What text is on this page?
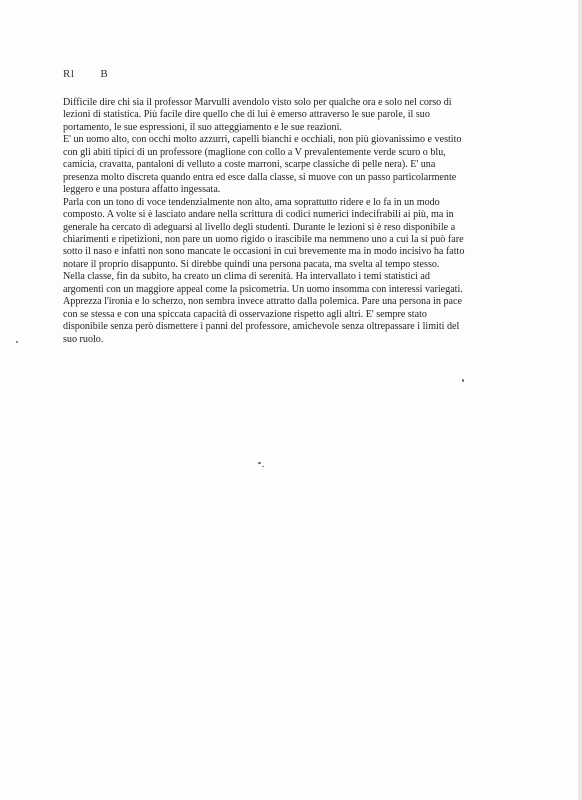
Rl        B
Difficile dire chi sia il professor Marvulli avendolo visto solo per qualche ora e solo nel corso di
lezioni di statistica. Più facile dire quello che di lui è emerso attraverso le sue parole, il suo
portamento, le sue espressioni, il suo atteggiamento e le sue reazioni.
E' un uomo alto, con occhi molto azzurri, capelli bianchi e occhiali, non più giovanissimo e vestito
con gli abiti tipici di un professore (maglione con collo a V prevalentemente verde scuro o blu,
camicia, cravatta, pantaloni di velluto a coste marroni, scarpe classiche di pelle nera). E' una
presenza molto discreta quando entra ed esce dalla classe, si muove con un passo particolarmente
leggero e una postura affatto ingessata.
Parla con un tono di voce tendenzialmente non alto, ama soprattutto ridere e lo fa in un modo
composto. A volte si è lasciato andare nella scrittura di codici numerici indecifrabili ai più, ma in
generale ha cercato di adeguarsi al livello degli studenti. Durante le lezioni si è reso disponibile a
chiarimenti e ripetizioni, non pare un uomo rigido o irascibile ma nemmeno uno a cui la si può fare
sotto il naso e infatti non sono mancate le occasioni in cui brevemente ma in modo incisivo ha fatto
notare il proprio disappunto. Si direbbe quindi una persona pacata, ma svelta al tempo stesso.
Nella classe, fin da subito, ha creato un clima di serenità. Ha intervallato i temi statistici ad
argomenti con un maggiore appeal come la psicometria. Un uomo insomma con interessi variegati.
Apprezza l'ironia e lo scherzo, non sembra invece attratto dalla polemica. Pare una persona in pace
con se stessa e con una spiccata capacità di osservazione rispetto agli altri. E' sempre stato
disponibile senza però dismettere i panni del professore, amichevole senza oltrepassare i limiti del
suo ruolo.
